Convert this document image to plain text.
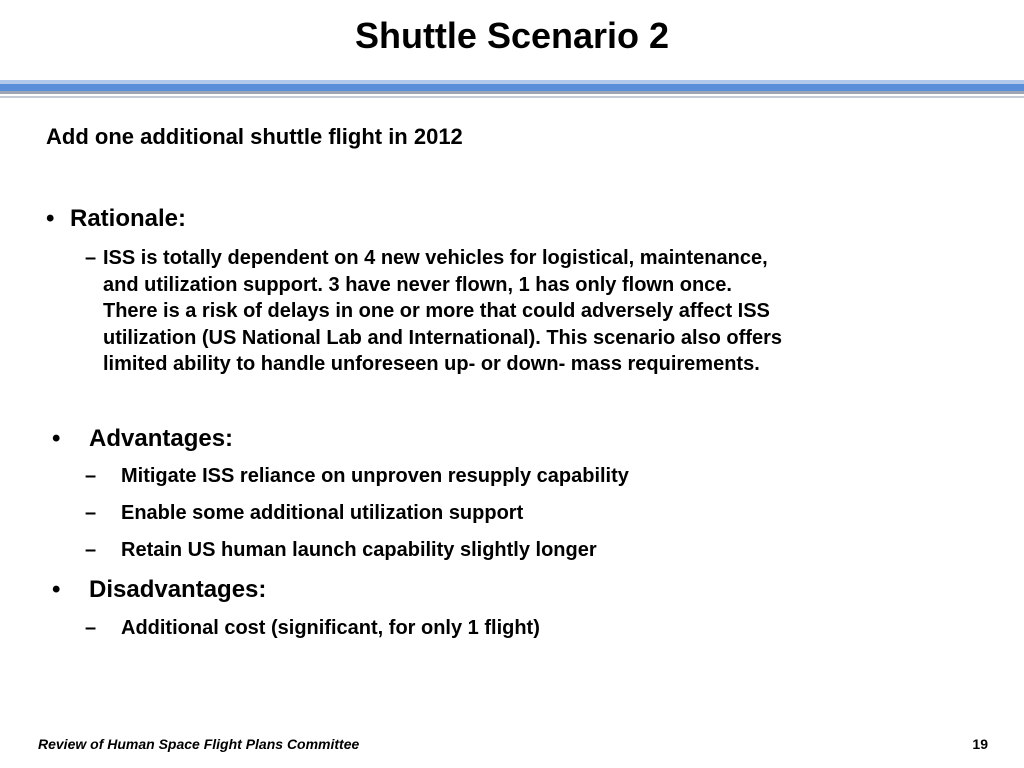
Shuttle Scenario 2
Add one additional shuttle flight in 2012
• Rationale:
– ISS is totally dependent on 4 new vehicles for logistical, maintenance,
and utilization support. 3 have never flown, 1 has only flown once.
There is a risk of delays in one or more that could adversely affect ISS
utilization (US National Lab and International). This scenario also offers
limited ability to handle unforeseen up- or down- mass requirements.
• Advantages:
– Mitigate ISS reliance on unproven resupply capability
– Enable some additional utilization support
– Retain US human launch capability slightly longer
• Disadvantages:
– Additional cost (significant, for only 1 flight)
Review of Human Space Flight Plans Committee	19
